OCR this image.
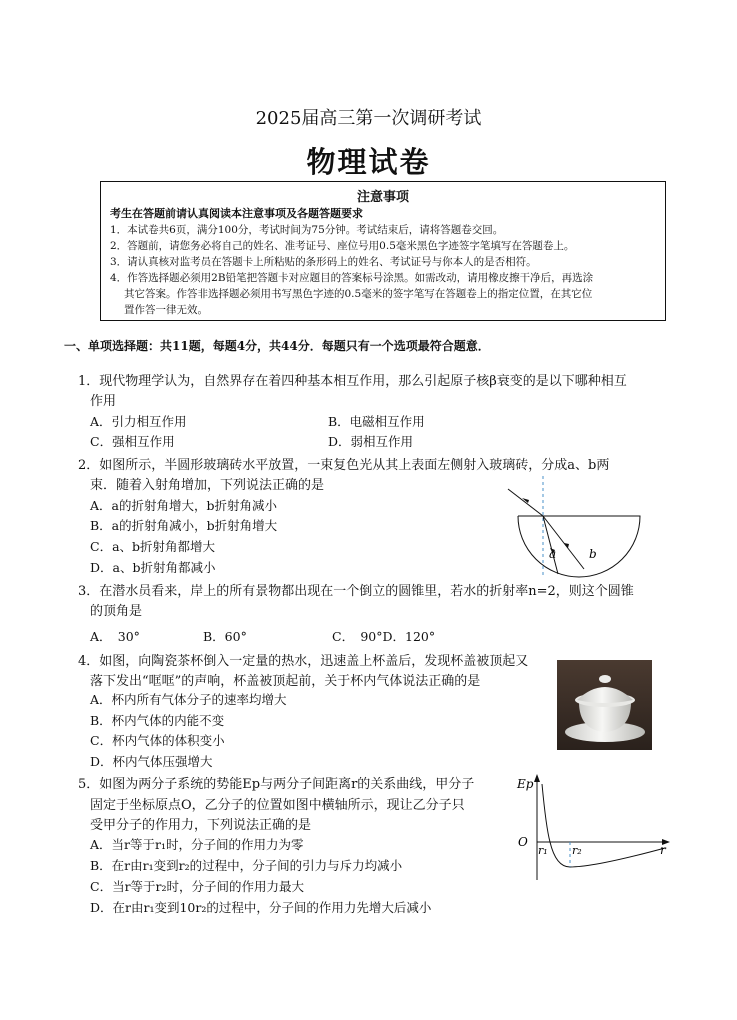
2025届高三第一次调研考试
物理试卷
注意事项
考生在答题前请认真阅读本注意事项及各题答题要求
1．本试卷共6页，满分100分，考试时间为75分钟。考试结束后，请将答题卷交回。
2．答题前，请您务必将自己的姓名、准考证号、座位号用0.5毫米黑色字迹签字笔填写在答题卷上。
3．请认真核对监考员在答题卡上所粘贴的条形码上的姓名、考试证号与你本人的是否相符。
4．作答选择题必须用2B铅笔把答题卡对应题目的答案标号涂黑。如需改动，请用橡皮擦干净后，再选涂
其它答案。作答非选择题必须用书写黑色字迹的0.5毫米的签字笔写在答题卷上的指定位置，在其它位
置作答一律无效。
一、单项选择题：共11题，每题4分，共44分．每题只有一个选项最符合题意．
1．现代物理学认为，自然界存在着四种基本相互作用，那么引起原子核β衰变的是以下哪种相互
作用
A．引力相互作用	B．电磁相互作用
C．强相互作用	D．弱相互作用
2．如图所示，半圆形玻璃砖水平放置，一束复色光从其上表面左侧射入玻璃砖，分成a、b两
束．随着入射角增加，下列说法正确的是
A．a的折射角增大，b折射角减小
B．a的折射角减小，b折射角增大
C．a、b折射角都增大
D．a、b折射角都减小
a	b
3．在潜水员看来，岸上的所有景物都出现在一个倒立的圆锥里，若水的折射率n=2，则这个圆锥
的顶角是
A．　30°	B．60°	C．　90°D．120°
4．如图，向陶瓷茶杯倒入一定量的热水，迅速盖上杯盖后，发现杯盖被顶起又
落下发出“哐哐”的声响，杯盖被顶起前，关于杯内气体说法正确的是
A．杯内所有气体分子的速率均增大
B．杯内气体的内能不变
C．杯内气体的体积变小
D．杯内气体压强增大
5．如图为两分子系统的势能Ep与两分子间距离r的关系曲线，甲分子
固定于坐标原点O，乙分子的位置如图中横轴所示，现让乙分子只
受甲分子的作用力，下列说法正确的是
A．当r等于r₁时，分子间的作用力为零
B．在r由r₁变到r₂的过程中，分子间的引力与斥力均减小
C．当r等于r₂时，分子间的作用力最大
D．在r由r₁变到10r₂的过程中，分子间的作用力先增大后减小
Ep
O
r
r₁ r₂
